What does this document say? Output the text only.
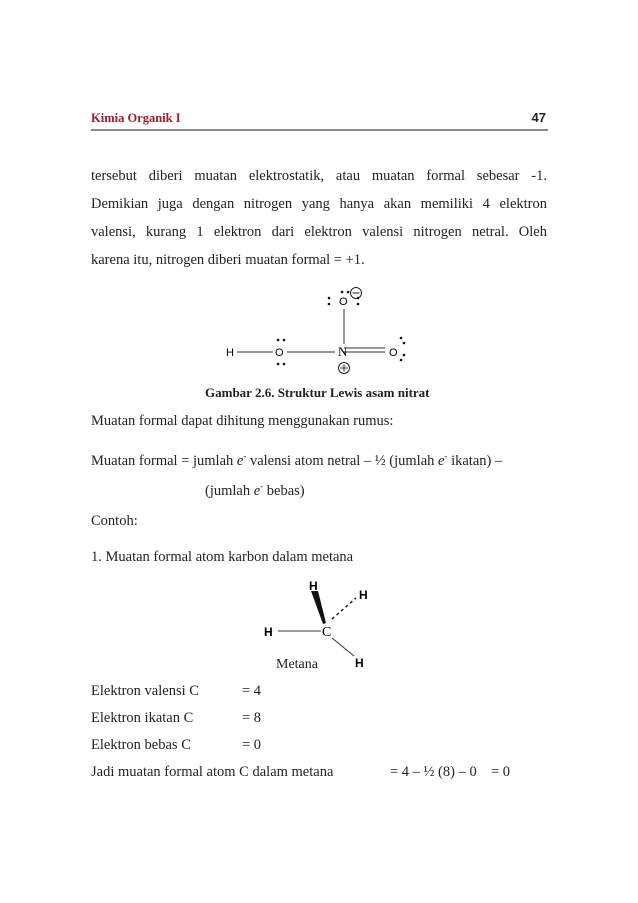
Kimia Organik I	47
tersebut diberi muatan elektrostatik, atau muatan formal sebesar -1.
Demikian juga dengan nitrogen yang hanya akan memiliki 4 elektron
valensi, kurang 1 elektron dari elektron valensi nitrogen netral. Oleh
karena itu, nitrogen diberi muatan formal = +1.
H	O	N	O
O
Gambar 2.6. Struktur Lewis asam nitrat
Muatan formal dapat dihitung menggunakan rumus:
Muatan formal = jumlah e- valensi atom netral – ½ (jumlah e- ikatan) –
(jumlah e- bebas)
Contoh:
1. Muatan formal atom karbon dalam metana
C
H
H
H
H
Metana
Elektron valensi C	= 4
Elektron ikatan C	= 8
Elektron bebas C	= 0
Jadi muatan formal atom C dalam metana	= 4 – ½ (8) – 0 = 0
